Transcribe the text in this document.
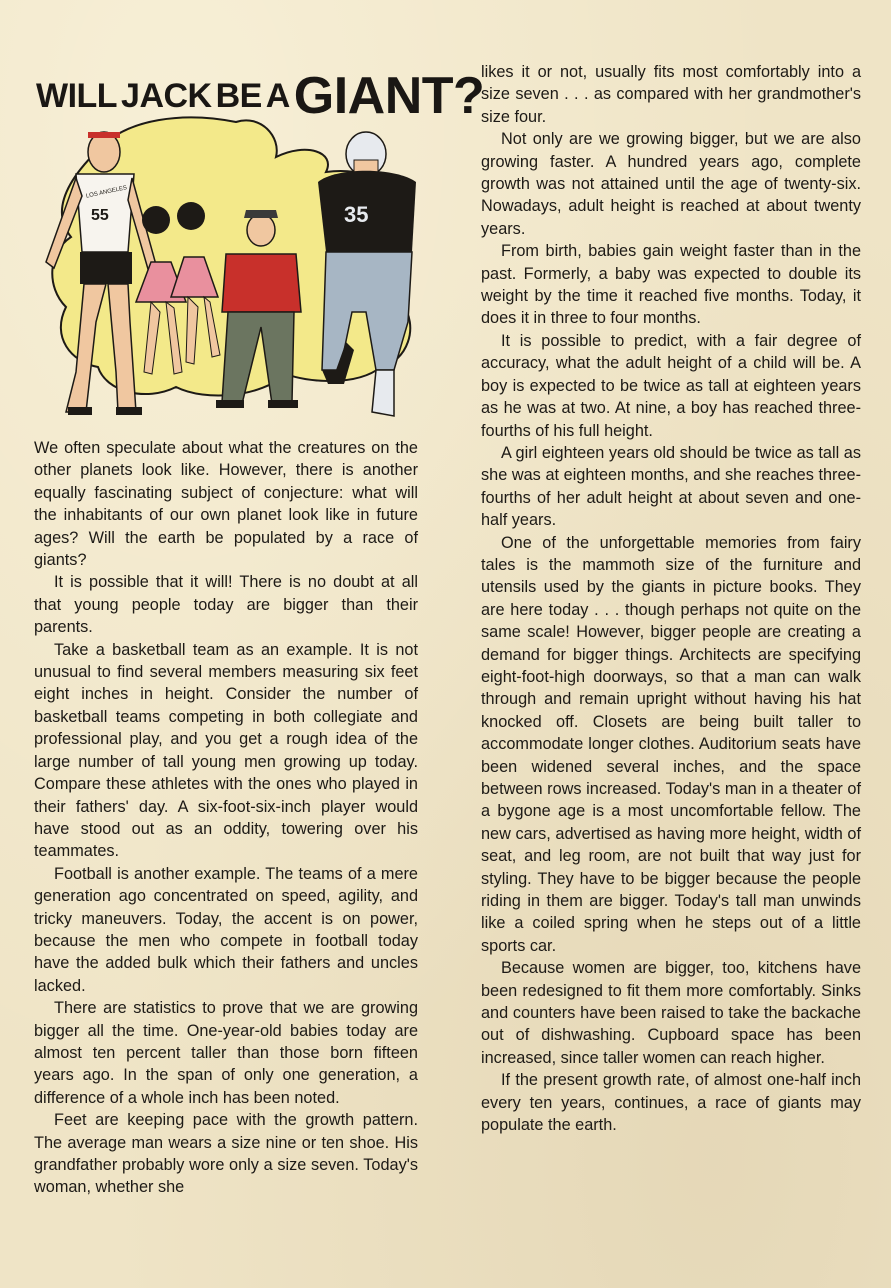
WILL JACK BE A GIANT?
55
LOS ANGELES
35

We often speculate about what the creatures on the other planets look like. However, there is another equally fascinating subject of conjecture: what will the inhabitants of our own planet look like in future ages? Will the earth be populated by a race of giants?

It is possible that it will! There is no doubt at all that young people today are bigger than their parents.

Take a basketball team as an example. It is not unusual to find several members measuring six feet eight inches in height. Consider the number of basketball teams competing in both collegiate and professional play, and you get a rough idea of the large number of tall young men growing up today. Compare these athletes with the ones who played in their fathers' day. A six-foot-six-inch player would have stood out as an oddity, towering over his teammates.

Football is another example. The teams of a mere generation ago concentrated on speed, agility, and tricky maneuvers. Today, the accent is on power, because the men who compete in football today have the added bulk which their fathers and uncles lacked.

There are statistics to prove that we are growing bigger all the time. One-year-old babies today are almost ten percent taller than those born fifteen years ago. In the span of only one generation, a difference of a whole inch has been noted.

Feet are keeping pace with the growth pattern. The average man wears a size nine or ten shoe. His grandfather probably wore only a size seven. Today's woman, whether she

likes it or not, usually fits most comfortably into a size seven . . . as compared with her grandmother's size four.

Not only are we growing bigger, but we are also growing faster. A hundred years ago, complete growth was not attained until the age of twenty-six. Nowadays, adult height is reached at about twenty years.

From birth, babies gain weight faster than in the past. Formerly, a baby was expected to double its weight by the time it reached five months. Today, it does it in three to four months.

It is possible to predict, with a fair degree of accuracy, what the adult height of a child will be. A boy is expected to be twice as tall at eighteen years as he was at two. At nine, a boy has reached three-fourths of his full height.

A girl eighteen years old should be twice as tall as she was at eighteen months, and she reaches three-fourths of her adult height at about seven and one-half years.

One of the unforgettable memories from fairy tales is the mammoth size of the furniture and utensils used by the giants in picture books. They are here today . . . though perhaps not quite on the same scale! However, bigger people are creating a demand for bigger things. Architects are specifying eight-foot-high doorways, so that a man can walk through and remain upright without having his hat knocked off. Closets are being built taller to accommodate longer clothes. Auditorium seats have been widened several inches, and the space between rows increased. Today's man in a theater of a bygone age is a most uncomfortable fellow. The new cars, advertised as having more height, width of seat, and leg room, are not built that way just for styling. They have to be bigger because the people riding in them are bigger. Today's tall man unwinds like a coiled spring when he steps out of a little sports car.

Because women are bigger, too, kitchens have been redesigned to fit them more comfortably. Sinks and counters have been raised to take the backache out of dishwashing. Cupboard space has been increased, since taller women can reach higher.

If the present growth rate, of almost one-half inch every ten years, continues, a race of giants may populate the earth.
